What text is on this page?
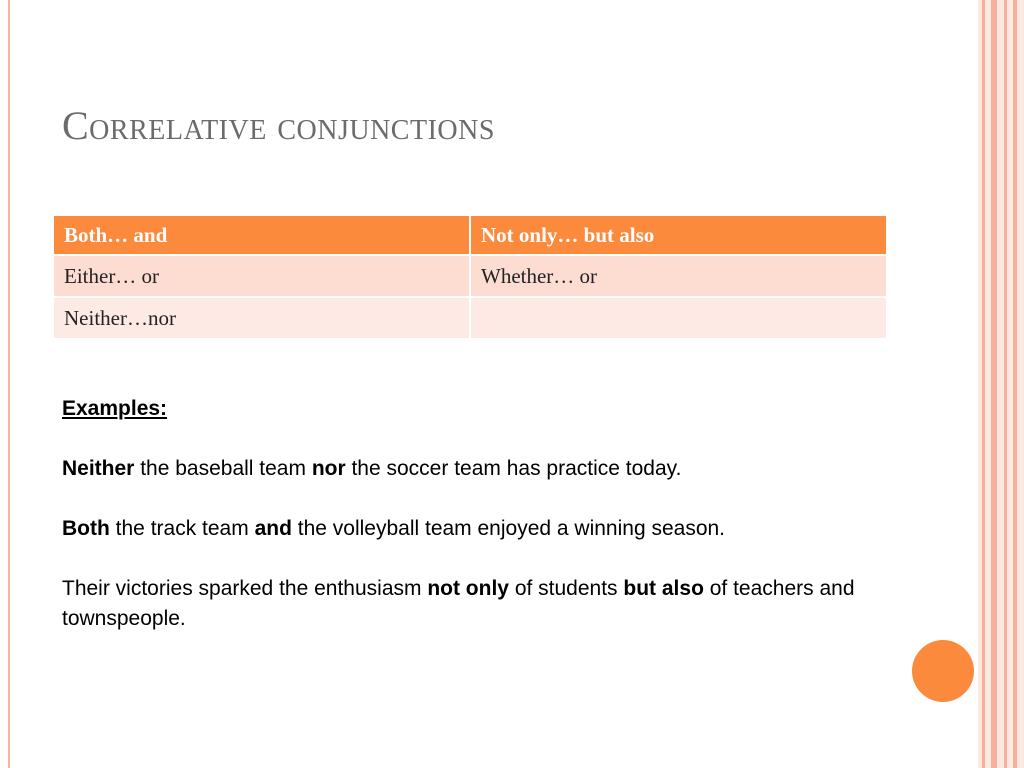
Correlative conjunctions
Both… and	Not only… but also
Either… or	Whether… or
Neither…nor	

Examples:

Neither the baseball team nor the soccer team has practice today.

Both the track team and the volleyball team enjoyed a winning season.

Their victories sparked the enthusiasm not only of students but also of teachers and townspeople.
